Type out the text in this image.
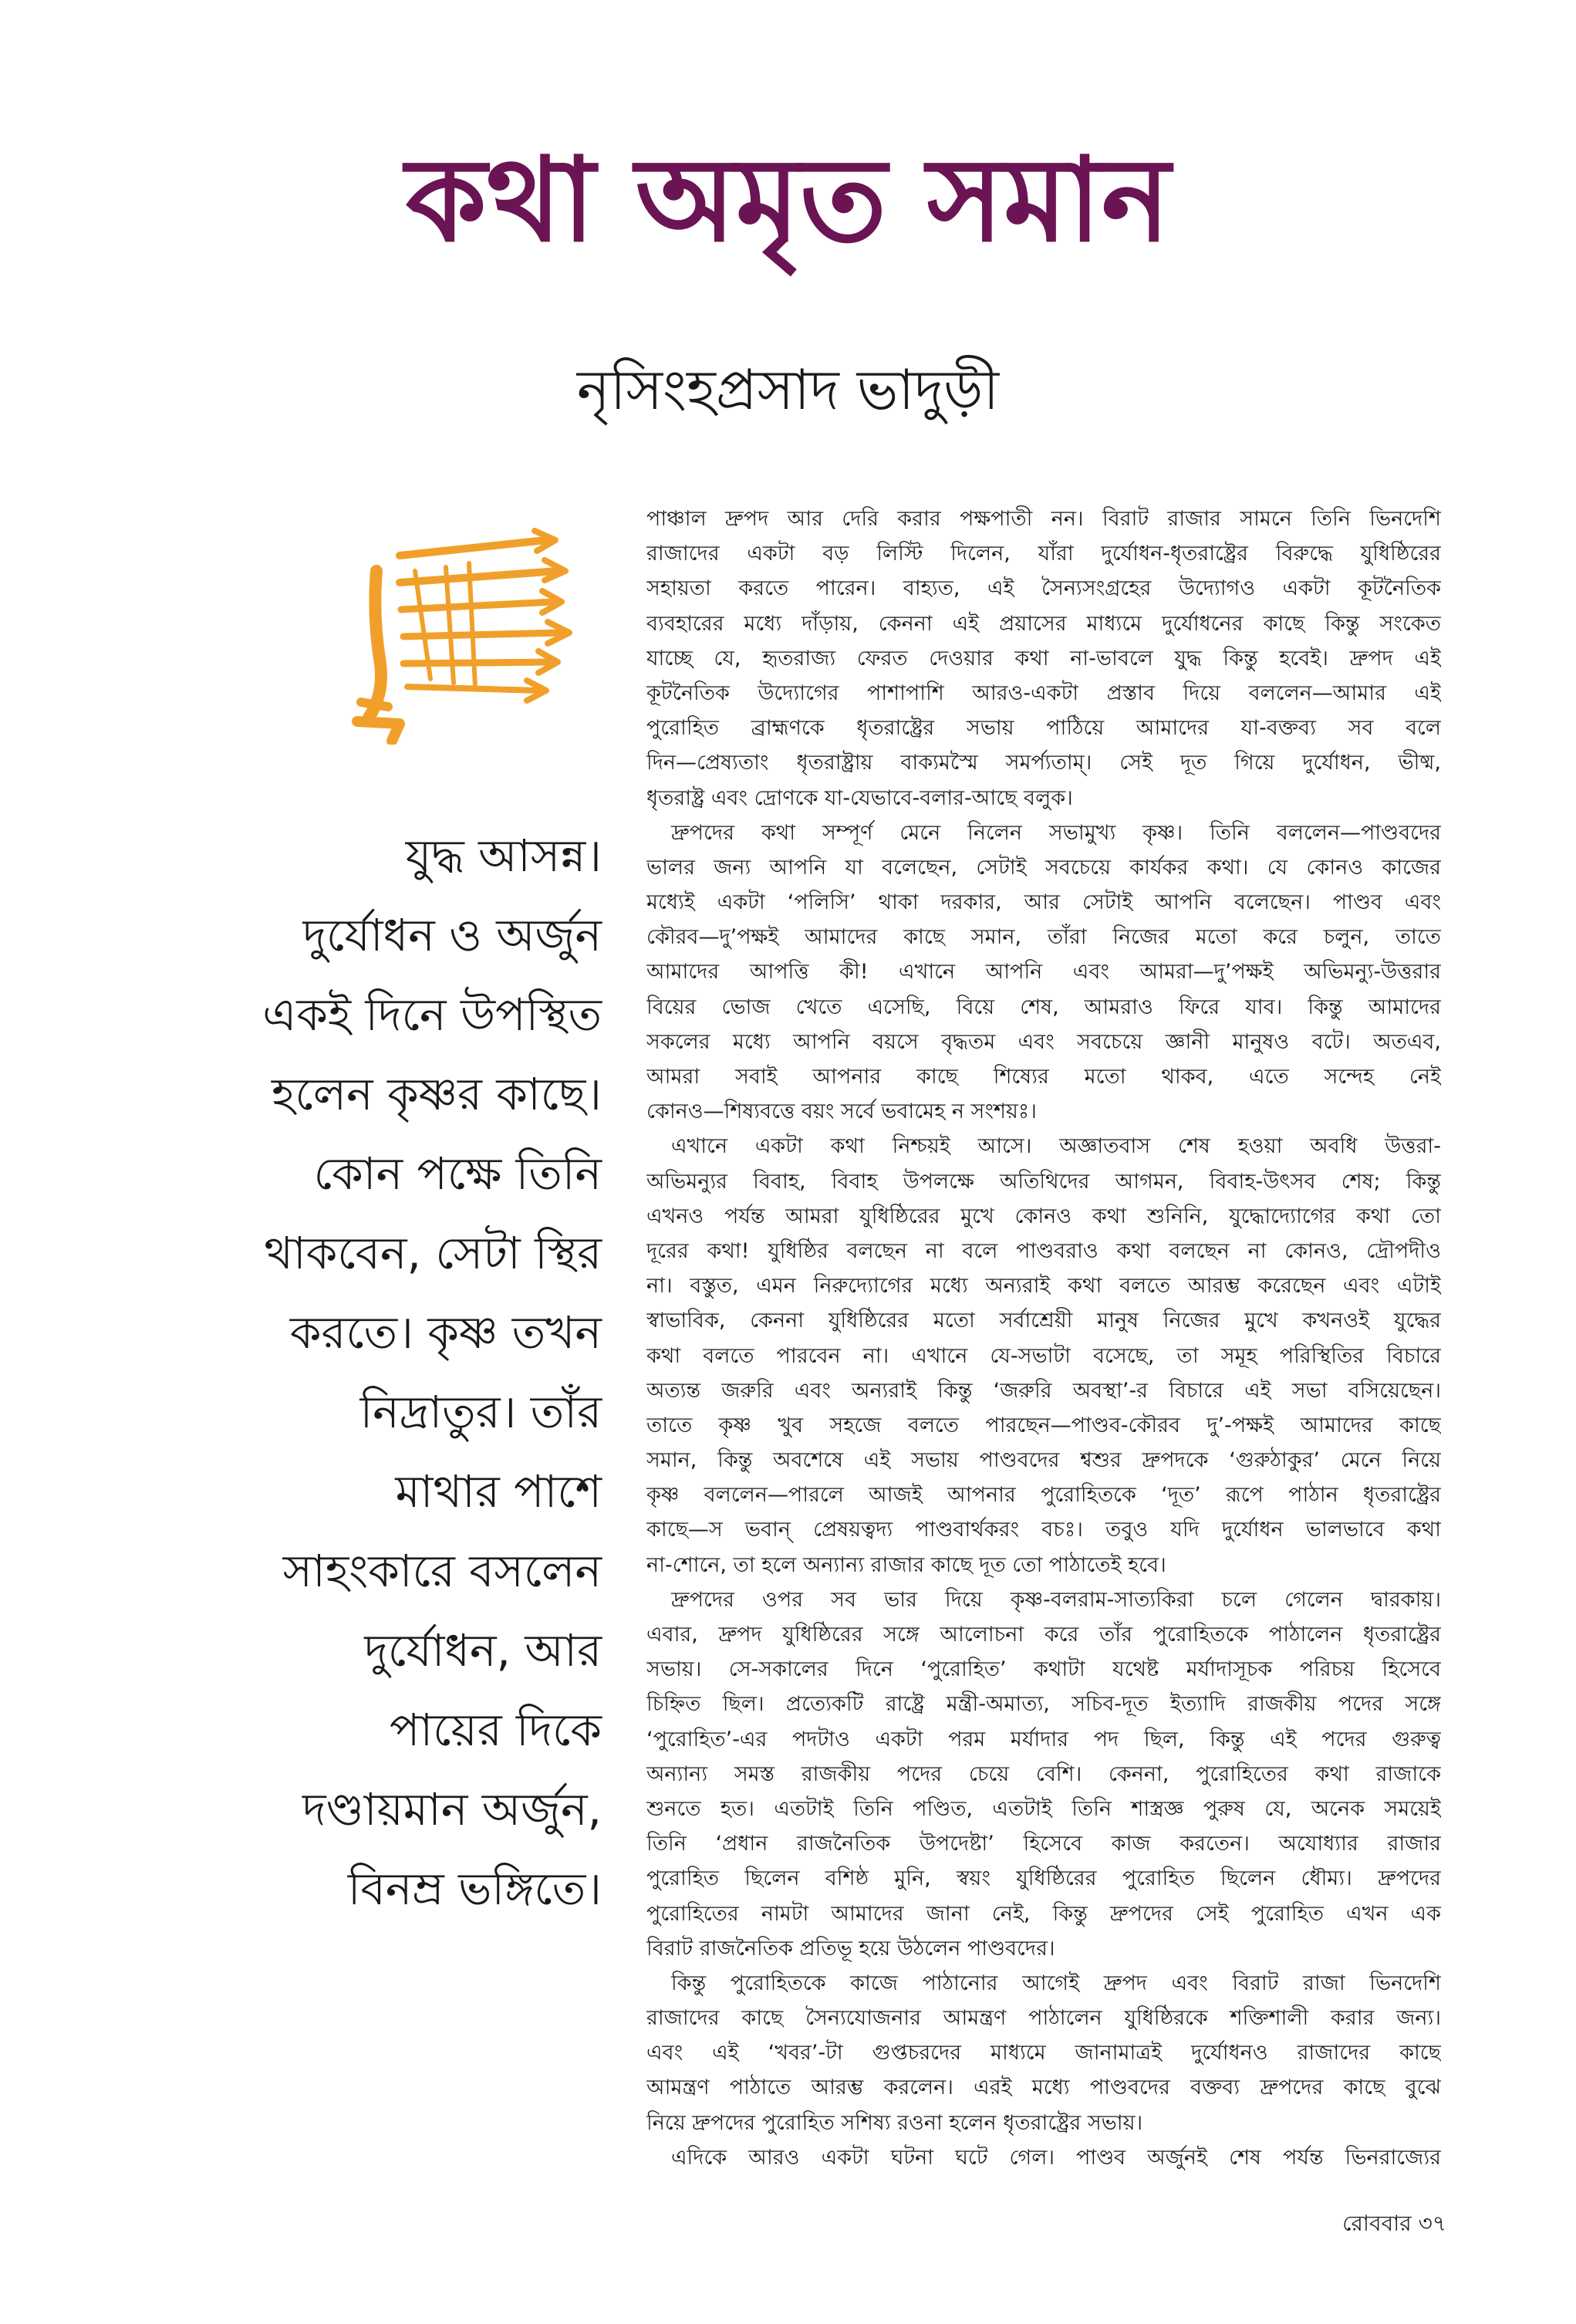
কথা অমৃত সমান
নৃসিংহপ্রসাদ ভাদুড়ী
যুদ্ধ আসন্ন।
দুর্যোধন ও অর্জুন
একই দিনে উপস্থিত
হলেন কৃষ্ণর কাছে।
কোন পক্ষে তিনি
থাকবেন, সেটা স্থির
করতে। কৃষ্ণ তখন
নিদ্রাতুর। তাঁর
মাথার পাশে
সাহংকারে বসলেন
দুর্যোধন, আর
পায়ের দিকে
দণ্ডায়মান অর্জুন,
বিনম্র ভঙ্গিতে।
পাঞ্চাল দ্রুপদ আর দেরি করার পক্ষপাতী নন। বিরাট রাজার সামনে তিনি ভিনদেশি
রাজাদের একটা বড় লিস্টি দিলেন, যাঁরা দুর্যোধন-ধৃতরাষ্ট্রের বিরুদ্ধে যুধিষ্ঠিরের
সহায়তা করতে পারেন। বাহ্যত, এই সৈন্যসংগ্রহের উদ্যোগও একটা কূটনৈতিক
ব্যবহারের মধ্যে দাঁড়ায়, কেননা এই প্রয়াসের মাধ্যমে দুর্যোধনের কাছে কিন্তু সংকেত
যাচ্ছে যে, হৃতরাজ্য ফেরত দেওয়ার কথা না-ভাবলে যুদ্ধ কিন্তু হবেই। দ্রুপদ এই
কূটনৈতিক উদ্যোগের পাশাপাশি আরও-একটা প্রস্তাব দিয়ে বললেন—আমার এই
পুরোহিত ব্রাহ্মণকে ধৃতরাষ্ট্রের সভায় পাঠিয়ে আমাদের যা-বক্তব্য সব বলে
দিন—প্রেষ্যতাং ধৃতরাষ্ট্রায় বাক্যমস্মৈ সমর্প্যতাম্‌। সেই দূত গিয়ে দুর্যোধন, ভীষ্ম,
ধৃতরাষ্ট্র এবং দ্রোণকে যা-যেভাবে-বলার-আছে বলুক।
দ্রুপদের কথা সম্পূর্ণ মেনে নিলেন সভামুখ্য কৃষ্ণ। তিনি বললেন—পাণ্ডবদের
ভালর জন্য আপনি যা বলেছেন, সেটাই সবচেয়ে কার্যকর কথা। যে কোনও কাজের
মধ্যেই একটা ‘পলিসি’ থাকা দরকার, আর সেটাই আপনি বলেছেন। পাণ্ডব এবং
কৌরব—দু’পক্ষই আমাদের কাছে সমান, তাঁরা নিজের মতো করে চলুন, তাতে
আমাদের আপত্তি কী! এখানে আপনি এবং আমরা—দু’পক্ষই অভিমন্যু-উত্তরার
বিয়ের ভোজ খেতে এসেছি, বিয়ে শেষ, আমরাও ফিরে যাব। কিন্তু আমাদের
সকলের মধ্যে আপনি বয়সে বৃদ্ধতম এবং সবচেয়ে জ্ঞানী মানুষও বটে। অতএব,
আমরা সবাই আপনার কাছে শিষ্যের মতো থাকব, এতে সন্দেহ নেই
কোনও—শিষ্যবত্তে বয়ং সর্বে ভবামেহ ন সংশয়ঃ।
এখানে একটা কথা নিশ্চয়ই আসে। অজ্ঞাতবাস শেষ হওয়া অবধি উত্তরা-
অভিমন্যুর বিবাহ, বিবাহ উপলক্ষে অতিথিদের আগমন, বিবাহ-উৎসব শেষ; কিন্তু
এখনও পর্যন্ত আমরা যুধিষ্ঠিরের মুখে কোনও কথা শুনিনি, যুদ্ধোদ্যোগের কথা তো
দূরের কথা! যুধিষ্ঠির বলছেন না বলে পাণ্ডবরাও কথা বলছেন না কোনও, দ্রৌপদীও
না। বস্তুত, এমন নিরুদ্যোগের মধ্যে অন্যরাই কথা বলতে আরম্ভ করেছেন এবং এটাই
স্বাভাবিক, কেননা যুধিষ্ঠিরের মতো সর্বাশ্রেয়ী মানুষ নিজের মুখে কখনওই যুদ্ধের
কথা বলতে পারবেন না। এখানে যে-সভাটা বসেছে, তা সমূহ পরিস্থিতির বিচারে
অত্যন্ত জরুরি এবং অন্যরাই কিন্তু ‘জরুরি অবস্থা’-র বিচারে এই সভা বসিয়েছেন।
তাতে কৃষ্ণ খুব সহজে বলতে পারছেন—পাণ্ডব-কৌরব দু’-পক্ষই আমাদের কাছে
সমান, কিন্তু অবশেষে এই সভায় পাণ্ডবদের শ্বশুর দ্রুপদকে ‘গুরুঠাকুর’ মেনে নিয়ে
কৃষ্ণ বললেন—পারলে আজই আপনার পুরোহিতকে ‘দূত’ রূপে পাঠান ধৃতরাষ্ট্রের
কাছে—স ভবান্‌ প্রেষয়ত্বদ্য পাণ্ডবার্থকরং বচঃ। তবুও যদি দুর্যোধন ভালভাবে কথা
না-শোনে, তা হলে অন্যান্য রাজার কাছে দূত তো পাঠাতেই হবে।
দ্রুপদের ওপর সব ভার দিয়ে কৃষ্ণ-বলরাম-সাত্যকিরা চলে গেলেন দ্বারকায়।
এবার, দ্রুপদ যুধিষ্ঠিরের সঙ্গে আলোচনা করে তাঁর পুরোহিতকে পাঠালেন ধৃতরাষ্ট্রের
সভায়। সে-সকালের দিনে ‘পুরোহিত’ কথাটা যথেষ্ট মর্যাদাসূচক পরিচয় হিসেবে
চিহ্নিত ছিল। প্রত্যেকটি রাষ্ট্রে মন্ত্রী-অমাত্য, সচিব-দূত ইত্যাদি রাজকীয় পদের সঙ্গে
‘পুরোহিত’-এর পদটাও একটা পরম মর্যাদার পদ ছিল, কিন্তু এই পদের গুরুত্ব
অন্যান্য সমস্ত রাজকীয় পদের চেয়ে বেশি। কেননা, পুরোহিতের কথা রাজাকে
শুনতে হত। এতটাই তিনি পণ্ডিত, এতটাই তিনি শাস্ত্রজ্ঞ পুরুষ যে, অনেক সময়েই
তিনি ‘প্রধান রাজনৈতিক উপদেষ্টা’ হিসেবে কাজ করতেন। অযোধ্যার রাজার
পুরোহিত ছিলেন বশিষ্ঠ মুনি, স্বয়ং যুধিষ্ঠিরের পুরোহিত ছিলেন ধৌম্য। দ্রুপদের
পুরোহিতের নামটা আমাদের জানা নেই, কিন্তু দ্রুপদের সেই পুরোহিত এখন এক
বিরাট রাজনৈতিক প্রতিভূ হয়ে উঠলেন পাণ্ডবদের।
কিন্তু পুরোহিতকে কাজে পাঠানোর আগেই দ্রুপদ এবং বিরাট রাজা ভিনদেশি
রাজাদের কাছে সৈন্যযোজনার আমন্ত্রণ পাঠালেন যুধিষ্ঠিরকে শক্তিশালী করার জন্য।
এবং এই ‘খবর’-টা গুপ্তচরদের মাধ্যমে জানামাত্রই দুর্যোধনও রাজাদের কাছে
আমন্ত্রণ পাঠাতে আরম্ভ করলেন। এরই মধ্যে পাণ্ডবদের বক্তব্য দ্রুপদের কাছে বুঝে
নিয়ে দ্রুপদের পুরোহিত সশিষ্য রওনা হলেন ধৃতরাষ্ট্রের সভায়।
এদিকে আরও একটা ঘটনা ঘটে গেল। পাণ্ডব অর্জুনই শেষ পর্যন্ত ভিনরাজ্যের
রোববার ৩৭
